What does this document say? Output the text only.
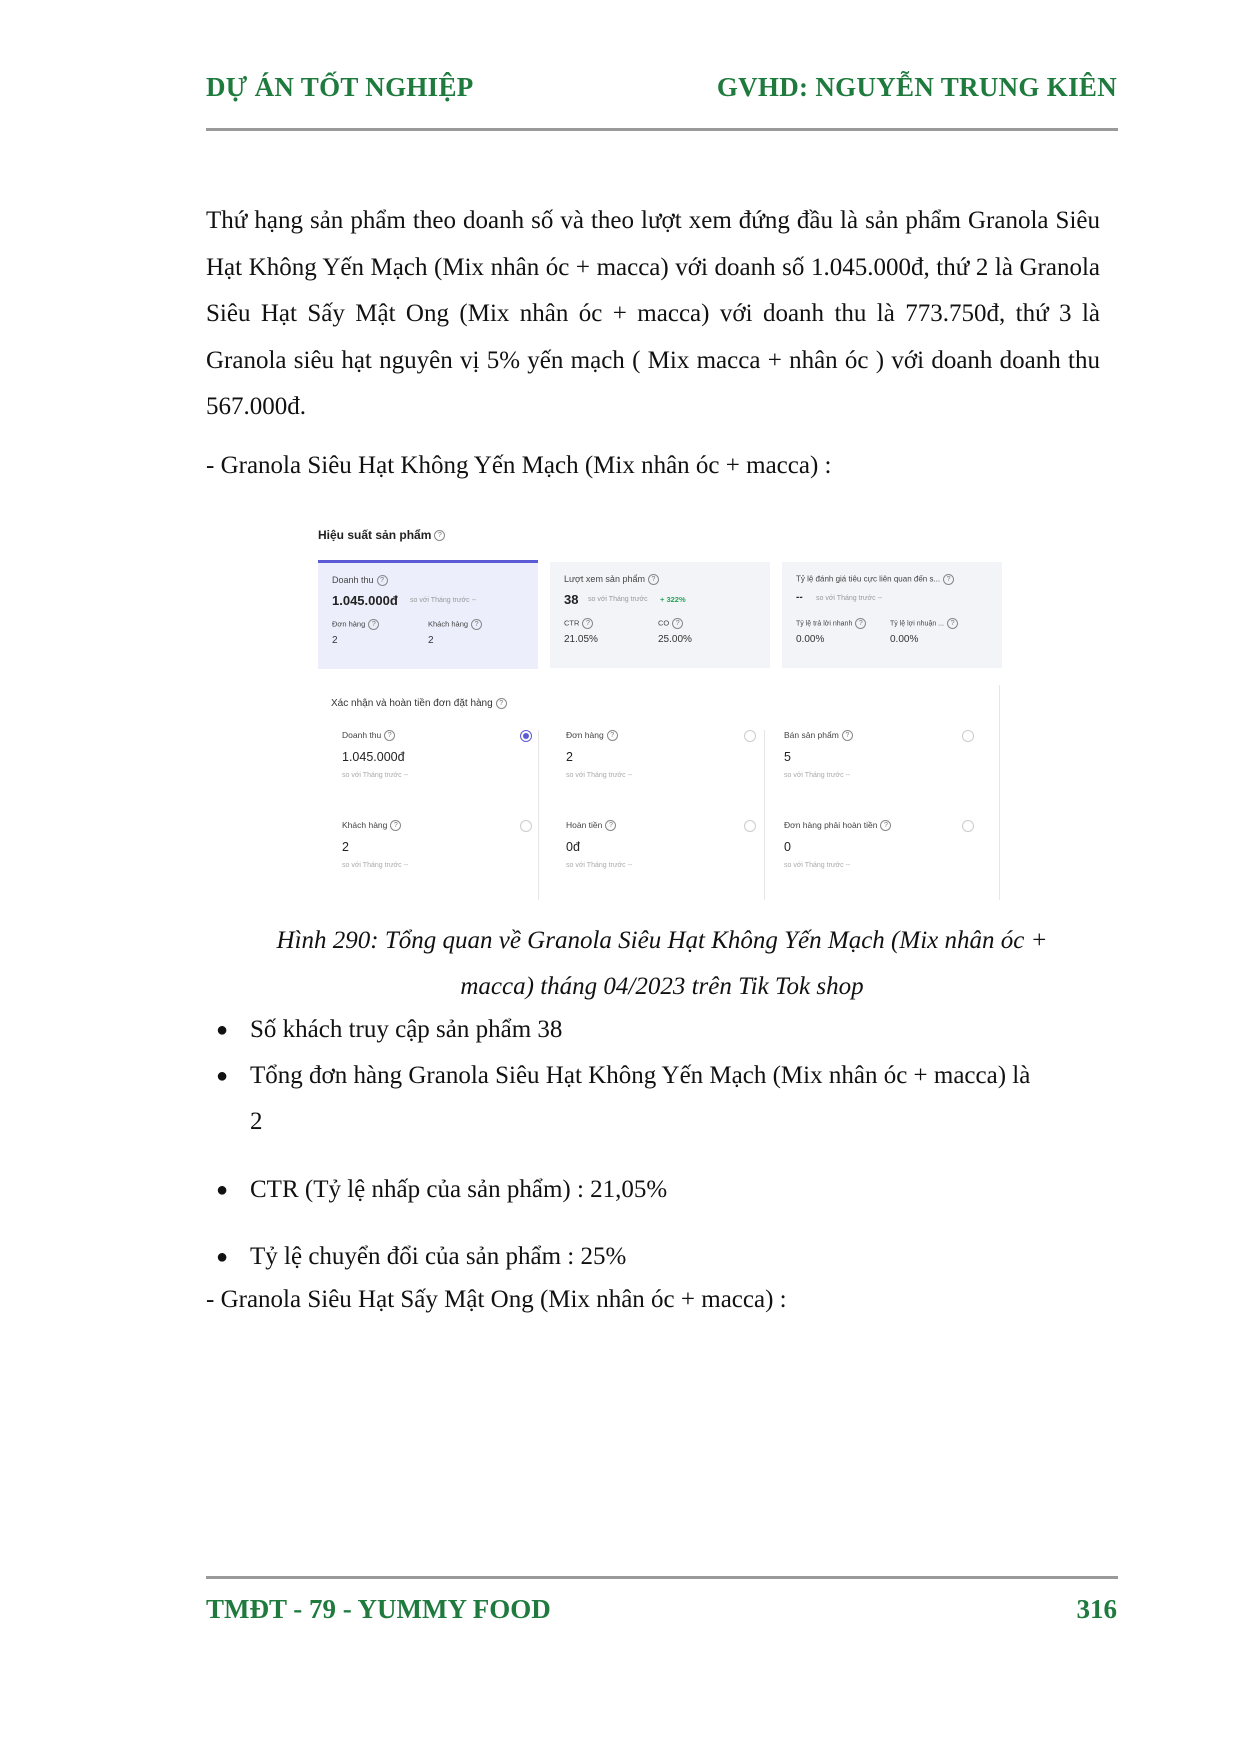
DỰ ÁN TỐT NGHIỆP	GVHD: NGUYỄN TRUNG KIÊN
Thứ hạng sản phẩm theo doanh số và theo lượt xem đứng đầu là sản phẩm Granola Siêu Hạt Không Yến Mạch (Mix nhân óc + macca) với doanh số 1.045.000đ, thứ 2 là Granola Siêu Hạt Sấy Mật Ong (Mix nhân óc + macca) với doanh thu là 773.750đ, thứ 3 là Granola siêu hạt nguyên vị 5% yến mạch ( Mix macca + nhân óc ) với doanh doanh thu 567.000đ.
- Granola Siêu Hạt Không Yến Mạch (Mix nhân óc + macca) :
Hiệu suất sản phẩm ?
Doanh thu ?
1.045.000đ so với Tháng trước --
Đơn hàng ?
2
Khách hàng ?
2
Lượt xem sản phẩm ?
38 so với Tháng trước + 322%
CTR ?
21.05%
CO ?
25.00%
Tỷ lệ đánh giá tiêu cực liên quan đến s... ?
-- so với Tháng trước --
Tỷ lệ trả lời nhanh ?
0.00%
Tỷ lệ lợi nhuận ... ?
0.00%
Xác nhận và hoàn tiền đơn đặt hàng ?
Doanh thu ?
1.045.000đ
so với Tháng trước --
Đơn hàng ?
2
so với Tháng trước --
Bán sản phẩm ?
5
so với Tháng trước --
Khách hàng ?
2
so với Tháng trước --
Hoàn tiền ?
0đ
so với Tháng trước --
Đơn hàng phải hoàn tiền ?
0
so với Tháng trước --
Hình 290: Tổng quan về Granola Siêu Hạt Không Yến Mạch (Mix nhân óc +
macca) tháng 04/2023 trên Tik Tok shop
● Số khách truy cập sản phẩm 38
● Tổng đơn hàng Granola Siêu Hạt Không Yến Mạch (Mix nhân óc + macca) là
2
● CTR (Tỷ lệ nhấp của sản phẩm) : 21,05%
● Tỷ lệ chuyển đổi của sản phẩm : 25%
- Granola Siêu Hạt Sấy Mật Ong (Mix nhân óc + macca) :
TMĐT - 79 - YUMMY FOOD	316
